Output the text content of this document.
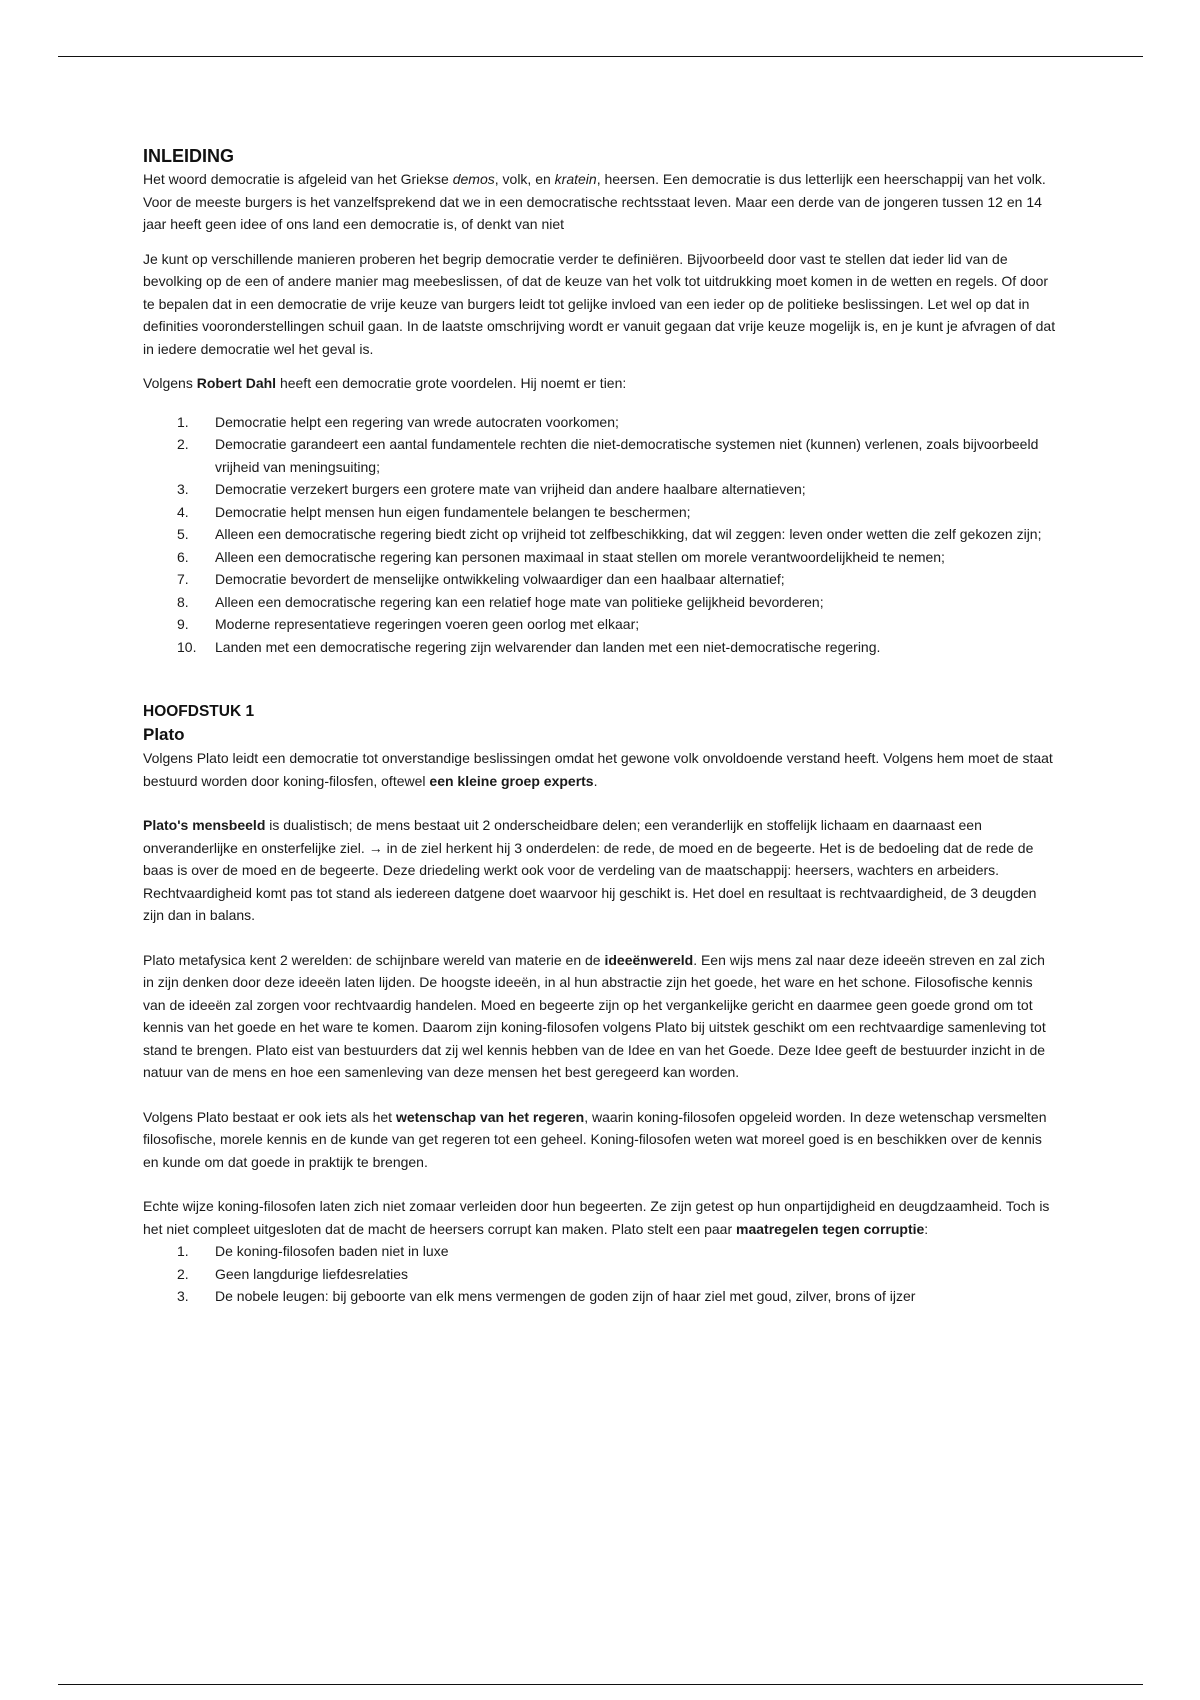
INLEIDING

Het woord democratie is afgeleid van het Griekse demos, volk, en kratein, heersen. Een democratie is dus letterlijk een heerschappij van het volk. Voor de meeste burgers is het vanzelfsprekend dat we in een democratische rechtsstaat leven. Maar een derde van de jongeren tussen 12 en 14 jaar heeft geen idee of ons land een democratie is, of denkt van niet

Je kunt op verschillende manieren proberen het begrip democratie verder te definiëren. Bijvoorbeeld door vast te stellen dat ieder lid van de bevolking op de een of andere manier mag meebeslissen, of dat de keuze van het volk tot uitdrukking moet komen in de wetten en regels. Of door te bepalen dat in een democratie de vrije keuze van burgers leidt tot gelijke invloed van een ieder op de politieke beslissingen. Let wel op dat in definities vooronderstellingen schuil gaan. In de laatste omschrijving wordt er vanuit gegaan dat vrije keuze mogelijk is, en je kunt je afvragen of dat in iedere democratie wel het geval is.

Volgens Robert Dahl heeft een democratie grote voordelen. Hij noemt er tien:

1.	Democratie helpt een regering van wrede autocraten voorkomen;
2.	Democratie garandeert een aantal fundamentele rechten die niet-democratische systemen niet (kunnen) verlenen, zoals bijvoorbeeld vrijheid van meningsuiting;
3.	Democratie verzekert burgers een grotere mate van vrijheid dan andere haalbare alternatieven;
4.	Democratie helpt mensen hun eigen fundamentele belangen te beschermen;
5.	Alleen een democratische regering biedt zicht op vrijheid tot zelfbeschikking, dat wil zeggen: leven onder wetten die zelf gekozen zijn;
6.	Alleen een democratische regering kan personen maximaal in staat stellen om morele verantwoordelijkheid te nemen;
7.	Democratie bevordert de menselijke ontwikkeling volwaardiger dan een haalbaar alternatief;
8.	Alleen een democratische regering kan een relatief hoge mate van politieke gelijkheid bevorderen;
9.	Moderne representatieve regeringen voeren geen oorlog met elkaar;
10.	Landen met een democratische regering zijn welvarender dan landen met een niet-democratische regering.
HOOFDSTUK 1
Plato

Volgens Plato leidt een democratie tot onverstandige beslissingen omdat het gewone volk onvoldoende verstand heeft. Volgens hem moet de staat bestuurd worden door koning-filosfen, oftewel een kleine groep experts.

Plato's mensbeeld is dualistisch; de mens bestaat uit 2 onderscheidbare delen; een veranderlijk en stoffelijk lichaam en daarnaast een onveranderlijke en onsterfelijke ziel. → in de ziel herkent hij 3 onderdelen: de rede, de moed en de begeerte. Het is de bedoeling dat de rede de baas is over de moed en de begeerte. Deze driedeling werkt ook voor de verdeling van de maatschappij: heersers, wachters en arbeiders. Rechtvaardigheid komt pas tot stand als iedereen datgene doet waarvoor hij geschikt is. Het doel en resultaat is rechtvaardigheid, de 3 deugden zijn dan in balans.

Plato metafysica kent 2 werelden: de schijnbare wereld van materie en de ideeënwereld. Een wijs mens zal naar deze ideeën streven en zal zich in zijn denken door deze ideeën laten lijden. De hoogste ideeën, in al hun abstractie zijn het goede, het ware en het schone. Filosofische kennis van de ideeën zal zorgen voor rechtvaardig handelen. Moed en begeerte zijn op het vergankelijke gericht en daarmee geen goede grond om tot kennis van het goede en het ware te komen. Daarom zijn koning-filosofen volgens Plato bij uitstek geschikt om een rechtvaardige samenleving tot stand te brengen. Plato eist van bestuurders dat zij wel kennis hebben van de Idee en van het Goede. Deze Idee geeft de bestuurder inzicht in de natuur van de mens en hoe een samenleving van deze mensen het best geregeerd kan worden.

Volgens Plato bestaat er ook iets als het wetenschap van het regeren, waarin koning-filosofen opgeleid worden. In deze wetenschap versmelten filosofische, morele kennis en de kunde van get regeren tot een geheel. Koning-filosofen weten wat moreel goed is en beschikken over de kennis en kunde om dat goede in praktijk te brengen.

Echte wijze koning-filosofen laten zich niet zomaar verleiden door hun begeerten. Ze zijn getest op hun onpartijdigheid en deugdzaamheid. Toch is het niet compleet uitgesloten dat de macht de heersers corrupt kan maken. Plato stelt een paar maatregelen tegen corruptie:

1.	De koning-filosofen baden niet in luxe
2.	Geen langdurige liefdesrelaties
3.	De nobele leugen: bij geboorte van elk mens vermengen de goden zijn of haar ziel met goud, zilver, brons of ijzer
